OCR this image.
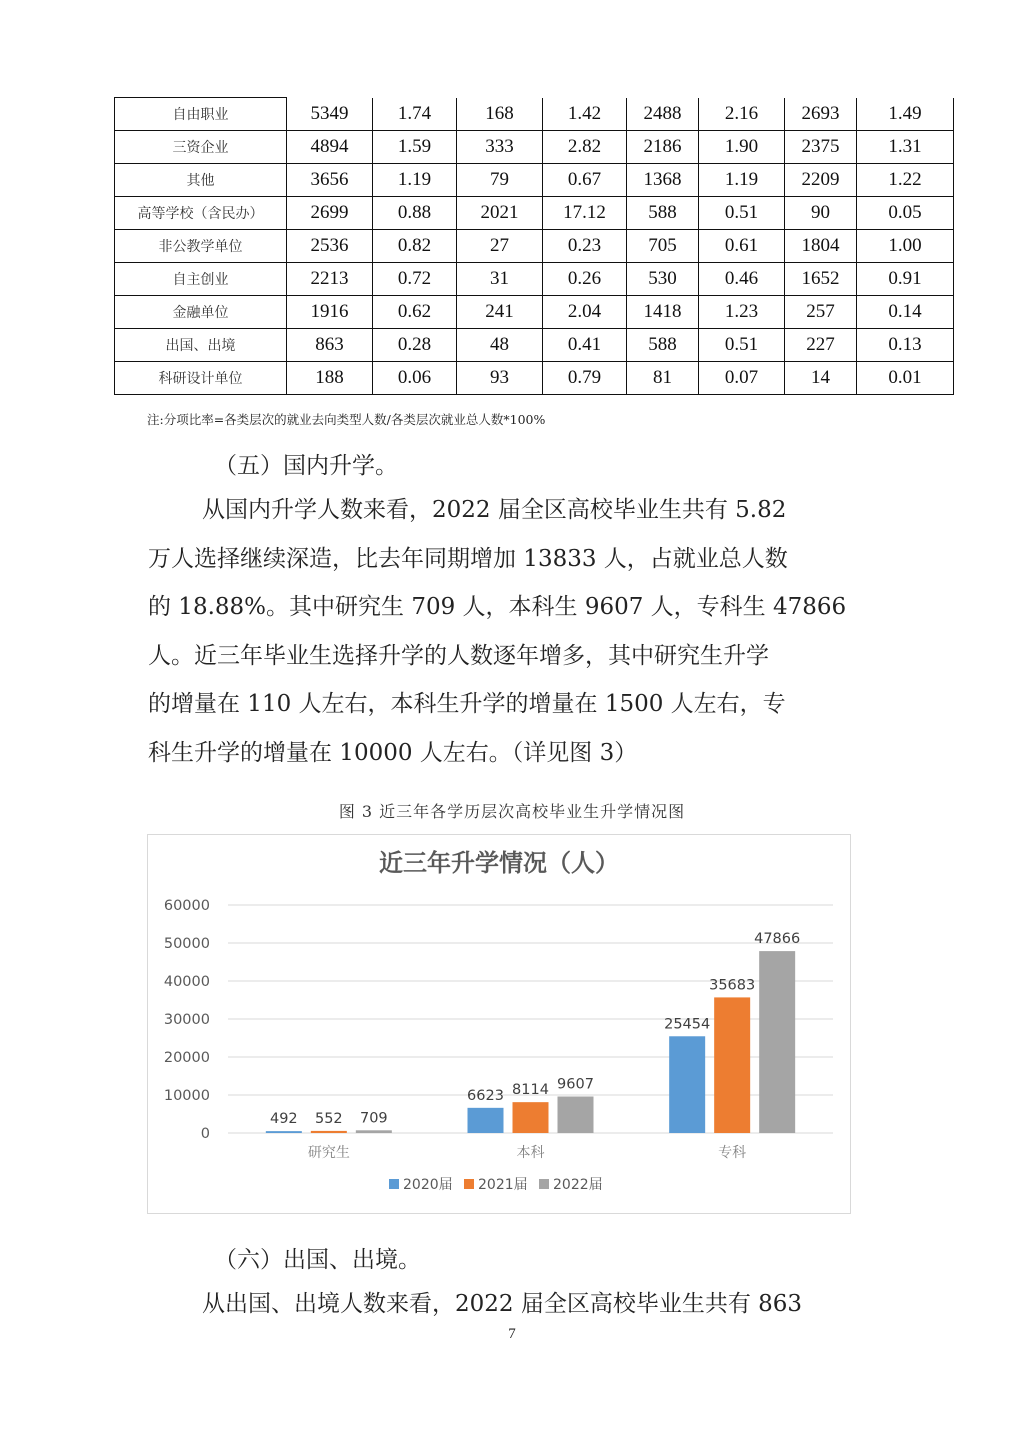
自由职业	5349	1.74	168	1.42	2488	2.16	2693	1.49
三资企业	4894	1.59	333	2.82	2186	1.90	2375	1.31
其他	3656	1.19	79	0.67	1368	1.19	2209	1.22
高等学校（含民办）	2699	0.88	2021	17.12	588	0.51	90	0.05
非公教学单位	2536	0.82	27	0.23	705	0.61	1804	1.00
自主创业	2213	0.72	31	0.26	530	0.46	1652	0.91
金融单位	1916	0.62	241	2.04	1418	1.23	257	0.14
出国、出境	863	0.28	48	0.41	588	0.51	227	0.13
科研设计单位	188	0.06	93	0.79	81	0.07	14	0.01
注:分项比率=各类层次的就业去向类型人数/各类层次就业总人数*100%
（五）国内升学。
从国内升学人数来看，2022 届全区高校毕业生共有 5.82
万人选择继续深造，比去年同期增加 13833 人，占就业总人数
的 18.88%。其中研究生 709 人，本科生 9607 人，专科生 47866
人。近三年毕业生选择升学的人数逐年增多，其中研究生升学
的增量在 110 人左右，本科生升学的增量在 1500 人左右，专
科生升学的增量在 10000 人左右。（详见图 3）
图 3 近三年各学历层次高校毕业生升学情况图
近三年升学情况（人）
0
10000
20000
30000
40000
50000
60000
492 552 709
6623 8114 9607
25454
35683
47866
研究生	本科	专科
2020届 2021届 2022届
（六）出国、出境。
从出国、出境人数来看，2022 届全区高校毕业生共有 863
7
